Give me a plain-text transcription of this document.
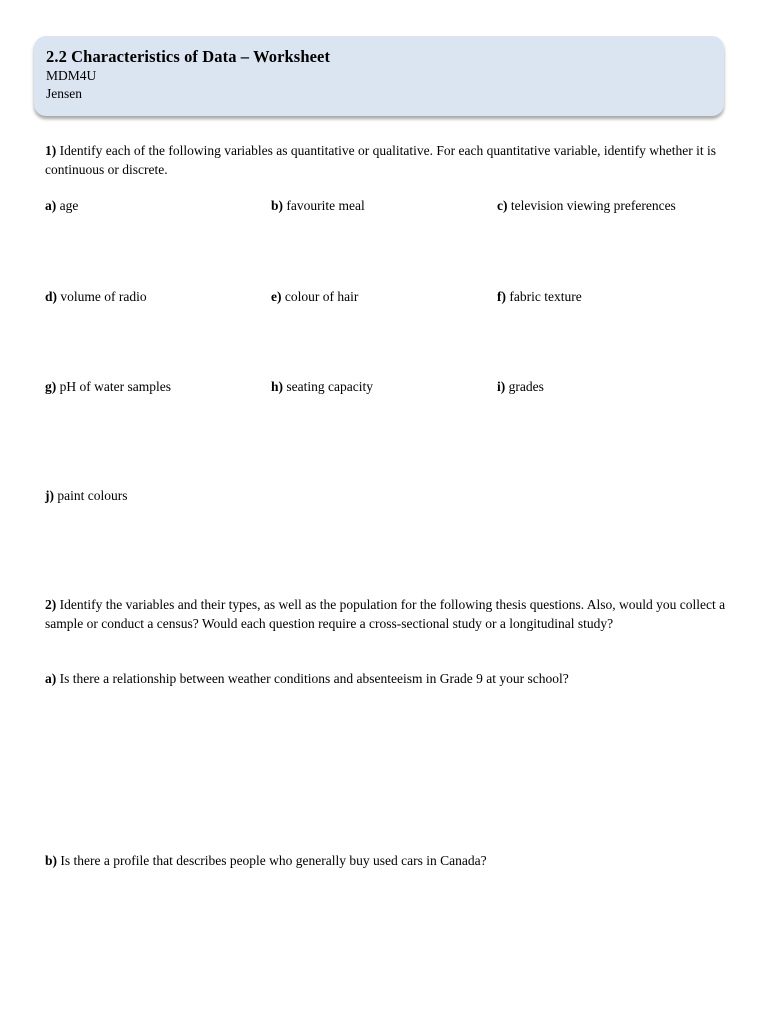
2.2 Characteristics of Data – Worksheet
MDM4U
Jensen
1) Identify each of the following variables as quantitative or qualitative. For each quantitative variable, identify whether it is continuous or discrete.
a) age	b) favourite meal	c) television viewing preferences
d) volume of radio	e) colour of hair	f) fabric texture
g) pH of water samples	h) seating capacity	i) grades
j) paint colours
2) Identify the variables and their types, as well as the population for the following thesis questions. Also, would you collect a sample or conduct a census? Would each question require a cross-sectional study or a longitudinal study?
a) Is there a relationship between weather conditions and absenteeism in Grade 9 at your school?
b) Is there a profile that describes people who generally buy used cars in Canada?
